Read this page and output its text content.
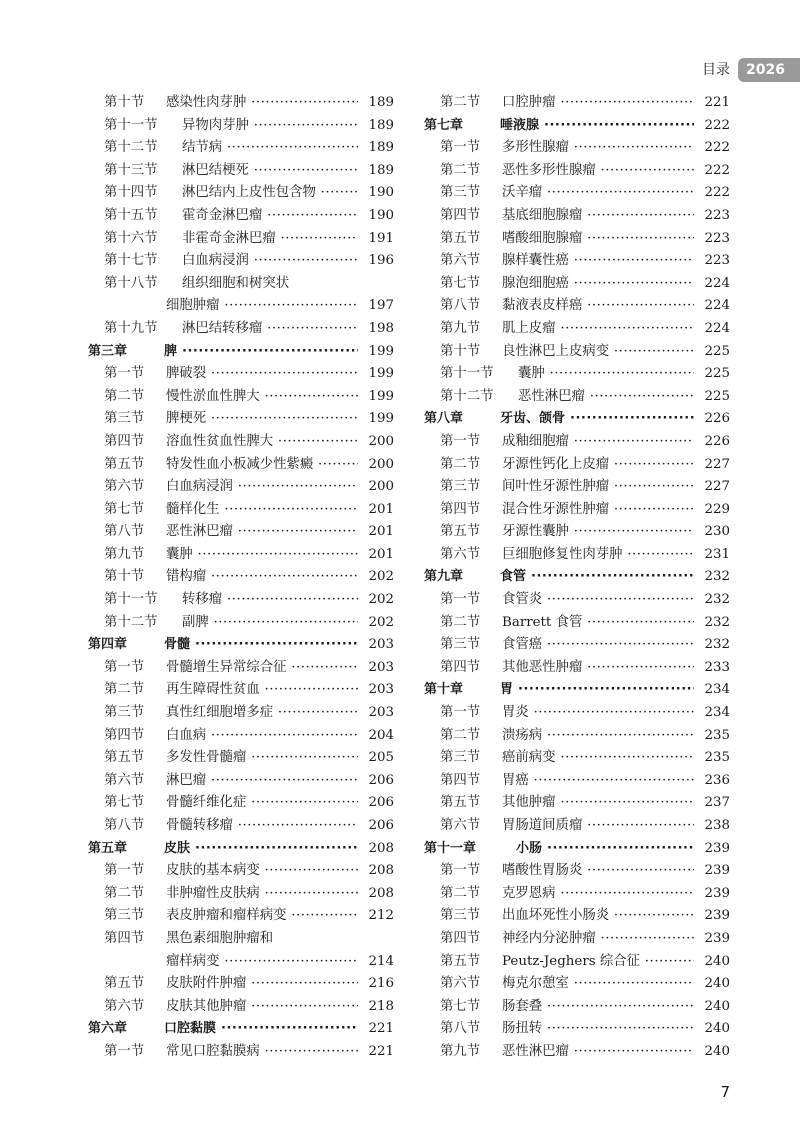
目录	2026
第十节 感染性肉芽肿 ·····	189
第十一节 异物肉芽肿 ·····	189
第十二节 结节病 ·····	189
第十三节 淋巴结梗死 ·····	189
第十四节 淋巴结内上皮性包含物 ·····	190
第十五节 霍奇金淋巴瘤 ·····	190
第十六节 非霍奇金淋巴瘤 ·····	191
第十七节 白血病浸润 ·····	196
第十八节 组织细胞和树突状
细胞肿瘤 ·····	197
第十九节 淋巴结转移瘤 ·····	198
第三章	脾 ·····	199
第一节 脾破裂 ·····	199
第二节 慢性淤血性脾大 ·····	199
第三节 脾梗死 ·····	199
第四节 溶血性贫血性脾大 ·····	200
第五节 特发性血小板减少性紫癜 ·····	200
第六节 白血病浸润 ·····	200
第七节 髓样化生 ·····	201
第八节 恶性淋巴瘤 ·····	201
第九节 囊肿 ·····	201
第十节 错构瘤 ·····	202
第十一节 转移瘤 ·····	202
第十二节 副脾 ·····	202
第四章	骨髓 ·····	203
第一节 骨髓增生异常综合征 ·····	203
第二节 再生障碍性贫血 ·····	203
第三节 真性红细胞增多症 ·····	203
第四节 白血病 ·····	204
第五节 多发性骨髓瘤 ·····	205
第六节 淋巴瘤 ·····	206
第七节 骨髓纤维化症 ·····	206
第八节 骨髓转移瘤 ·····	206
第五章	皮肤 ·····	208
第一节 皮肤的基本病变 ·····	208
第二节 非肿瘤性皮肤病 ·····	208
第三节 表皮肿瘤和瘤样病变 ·····	212
第四节 黑色素细胞肿瘤和
瘤样病变 ·····	214
第五节 皮肤附件肿瘤 ·····	216
第六节 皮肤其他肿瘤 ·····	218
第六章	口腔黏膜 ·····	221
第一节 常见口腔黏膜病 ·····	221
第二节 口腔肿瘤 ·····	221
第七章	唾液腺 ·····	222
第一节 多形性腺瘤 ·····	222
第二节 恶性多形性腺瘤 ·····	222
第三节 沃辛瘤 ·····	222
第四节 基底细胞腺瘤 ·····	223
第五节 嗜酸细胞腺瘤 ·····	223
第六节 腺样囊性癌 ·····	223
第七节 腺泡细胞癌 ·····	224
第八节 黏液表皮样癌 ·····	224
第九节 肌上皮瘤 ·····	224
第十节 良性淋巴上皮病变 ·····	225
第十一节 囊肿 ·····	225
第十二节 恶性淋巴瘤 ·····	225
第八章	牙齿、颌骨 ·····	226
第一节 成釉细胞瘤 ·····	226
第二节 牙源性钙化上皮瘤 ·····	227
第三节 间叶性牙源性肿瘤 ·····	227
第四节 混合性牙源性肿瘤 ·····	229
第五节 牙源性囊肿 ·····	230
第六节 巨细胞修复性肉芽肿 ·····	231
第九章	食管 ·····	232
第一节 食管炎 ·····	232
第二节 Barrett 食管 ·····	232
第三节 食管癌 ·····	232
第四节 其他恶性肿瘤 ·····	233
第十章	胃 ·····	234
第一节 胃炎 ·····	234
第二节 溃疡病 ·····	235
第三节 癌前病变 ·····	235
第四节 胃癌 ·····	236
第五节 其他肿瘤 ·····	237
第六节 胃肠道间质瘤 ·····	238
第十一章	小肠 ·····	239
第一节 嗜酸性胃肠炎 ·····	239
第二节 克罗恩病 ·····	239
第三节 出血坏死性小肠炎 ·····	239
第四节 神经内分泌肿瘤 ·····	239
第五节 Peutz-Jeghers 综合征 ·····	240
第六节 梅克尔憩室 ·····	240
第七节 肠套叠 ·····	240
第八节 肠扭转 ·····	240
第九节 恶性淋巴瘤 ·····	240
7
